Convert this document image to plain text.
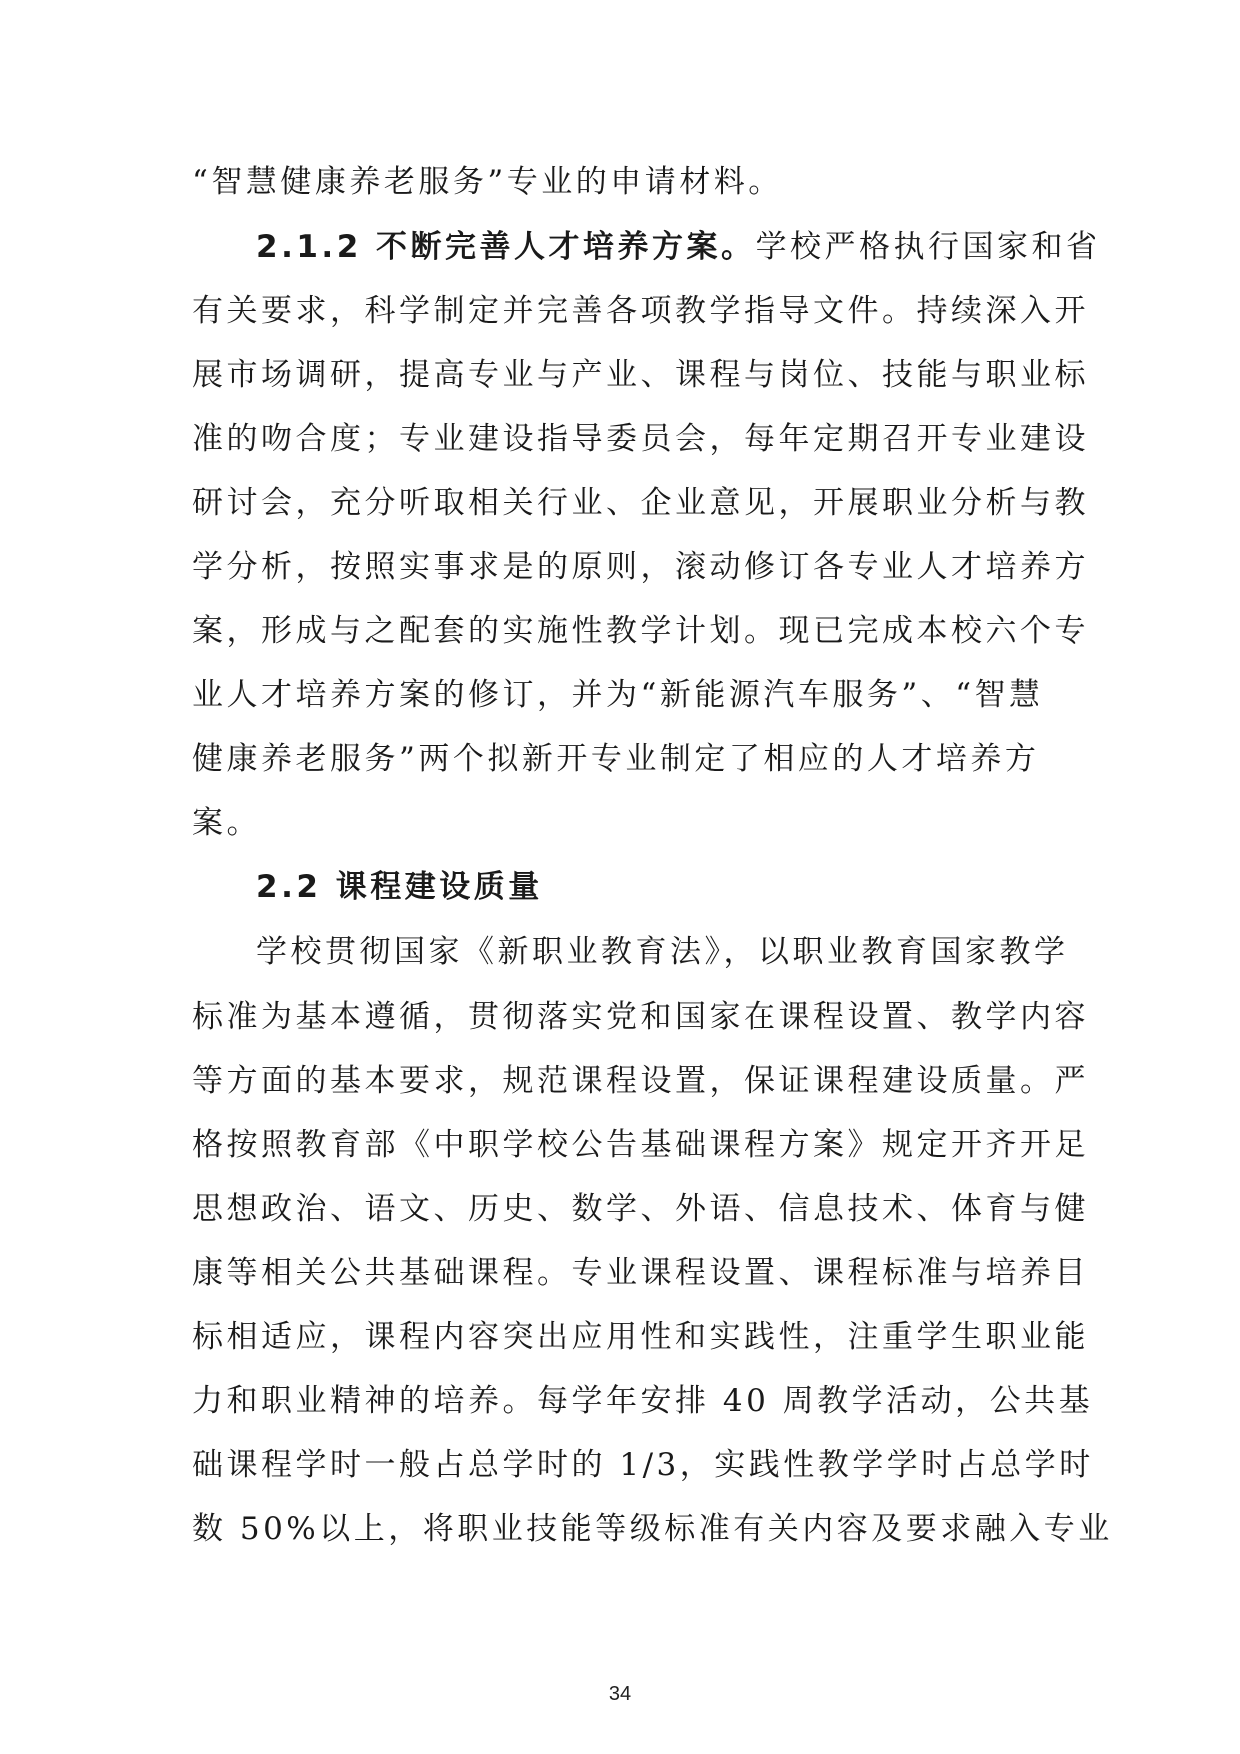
“智慧健康养老服务”专业的申请材料。
2.1.2 不断完善人才培养方案。学校严格执行国家和省
有关要求，科学制定并完善各项教学指导文件。持续深入开
展市场调研，提高专业与产业、课程与岗位、技能与职业标
准的吻合度；专业建设指导委员会，每年定期召开专业建设
研讨会，充分听取相关行业、企业意见，开展职业分析与教
学分析，按照实事求是的原则，滚动修订各专业人才培养方
案，形成与之配套的实施性教学计划。现已完成本校六个专
业人才培养方案的修订，并为“新能源汽车服务”、“智慧
健康养老服务”两个拟新开专业制定了相应的人才培养方
案。
2.2 课程建设质量
学校贯彻国家《新职业教育法》，以职业教育国家教学
标准为基本遵循，贯彻落实党和国家在课程设置、教学内容
等方面的基本要求，规范课程设置，保证课程建设质量。严
格按照教育部《中职学校公告基础课程方案》规定开齐开足
思想政治、语文、历史、数学、外语、信息技术、体育与健
康等相关公共基础课程。专业课程设置、课程标准与培养目
标相适应，课程内容突出应用性和实践性，注重学生职业能
力和职业精神的培养。每学年安排 40 周教学活动，公共基
础课程学时一般占总学时的 1/3，实践性教学学时占总学时
数 50%以上，将职业技能等级标准有关内容及要求融入专业
34
